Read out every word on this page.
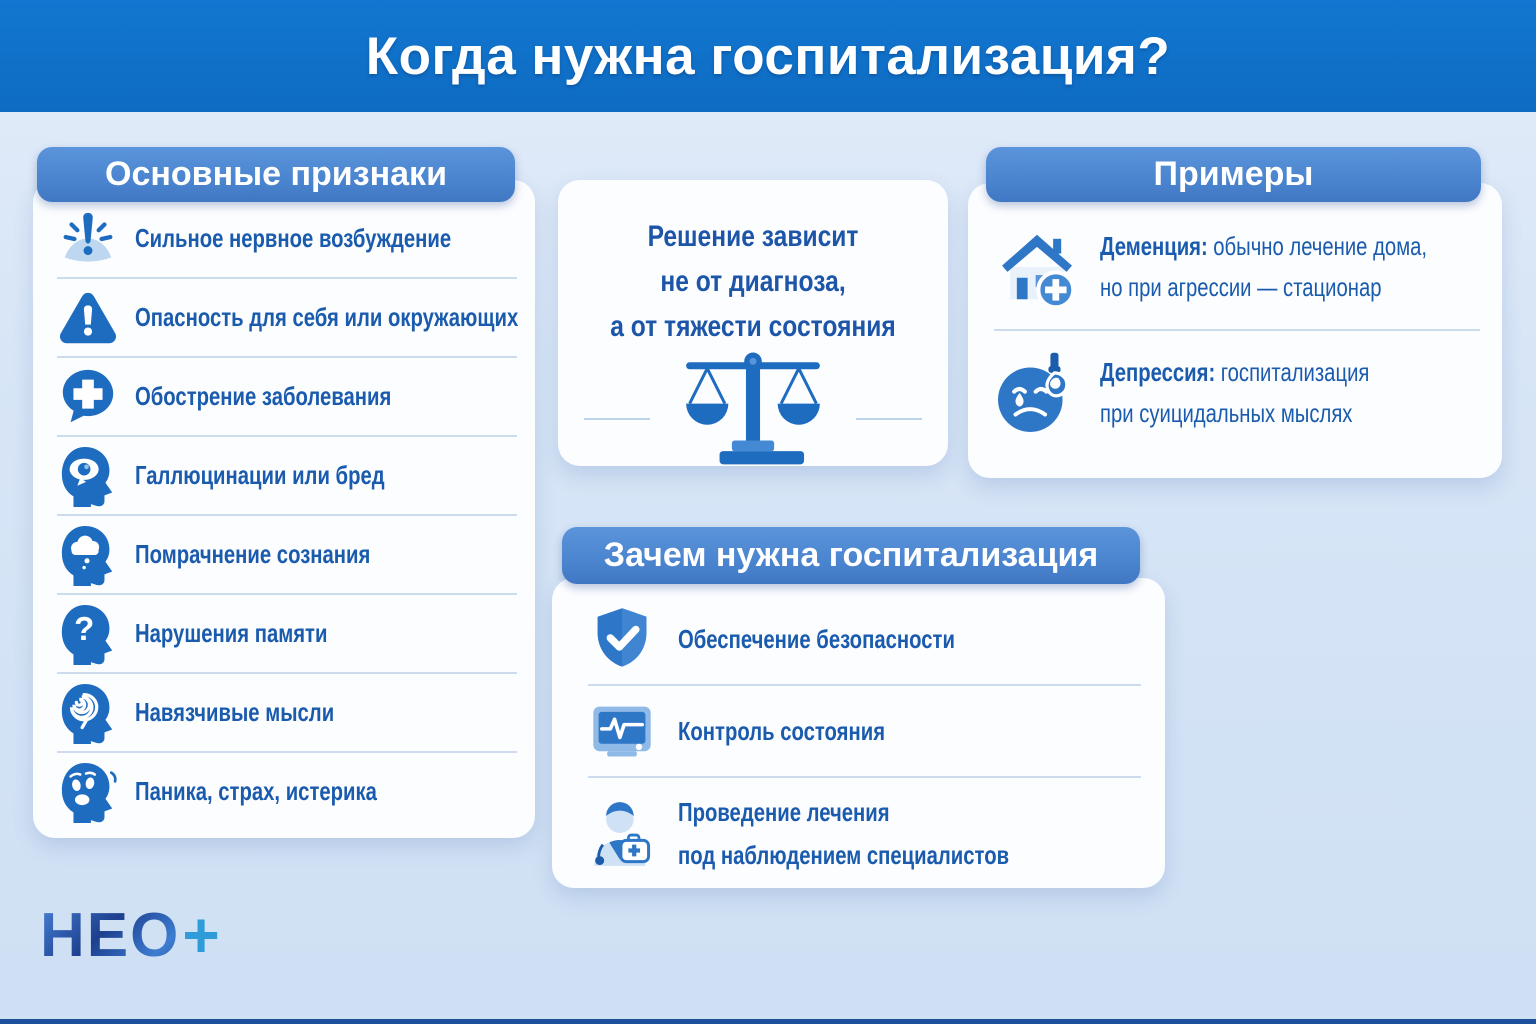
Когда нужна госпитализация?
Основные признаки
Сильное нервное возбуждение
Опасность для себя или окружающих
Обострение заболевания
Галлюцинации или бред
Помрачнение сознания
? Нарушения памяти
Навязчивые мысли
Паника, страх, истерика
Решение зависит
не от диагноза,
а от тяжести состояния
Примеры
Деменция: обычно лечение дома,
но при агрессии — стационар
Депрессия: госпитализация
при суицидальных мыслях
Зачем нужна госпитализация
Обеспечение безопасности
Контроль состояния
Проведение лечения
под наблюдением специалистов
НЕО +
